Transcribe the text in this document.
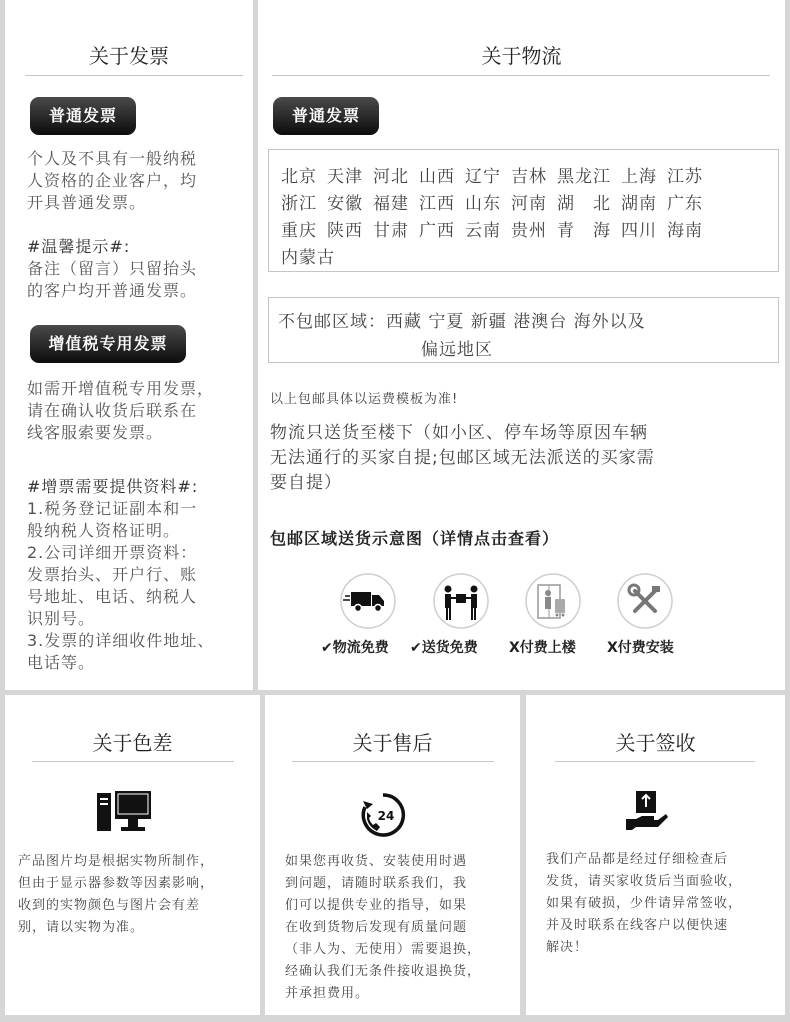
关于发票
普通发票
个人及不具有一般纳税
人资格的企业客户，均
开具普通发票。
#温馨提示#:
备注（留言）只留抬头
的客户均开普通发票。
增值税专用发票
如需开增值税专用发票，
请在确认收货后联系在
线客服索要发票。
#增票需要提供资料#:
1.税务登记证副本和一
般纳税人资格证明。
2.公司详细开票资料：
发票抬头、开户行、账
号地址、电话、纳税人
识别号。
3.发票的详细收件地址、
电话等。
关于物流
普通发票
北京 天津 河北 山西 辽宁 吉林 黑龙江 上海 江苏
浙江 安徽 福建 江西 山东 河南 湖　北 湖南 广东
重庆 陕西 甘肃 广西 云南 贵州 青　海 四川 海南
内蒙古
不包邮区域：西藏 宁夏 新疆 港澳台 海外以及
偏远地区
以上包邮具体以运费模板为准!
物流只送货至楼下（如小区、停车场等原因车辆
无法通行的买家自提;包邮区域无法派送的买家需
要自提）
包邮区域送货示意图（详情点击查看）
✔物流免费 ✔送货免费 X付费上楼 X付费安装
关于色差
产品图片均是根据实物所制作，
但由于显示器参数等因素影响，
收到的实物颜色与图片会有差
别，请以实物为准。
关于售后
24
如果您再收货、安装使用时遇
到问题，请随时联系我们，我
们可以提供专业的指导，如果
在收到货物后发现有质量问题
（非人为、无使用）需要退换，
经确认我们无条件接收退换货，
并承担费用。
关于签收
我们产品都是经过仔细检查后
发货，请买家收货后当面验收，
如果有破损，少件请异常签收，
并及时联系在线客户以便快速
解决！
